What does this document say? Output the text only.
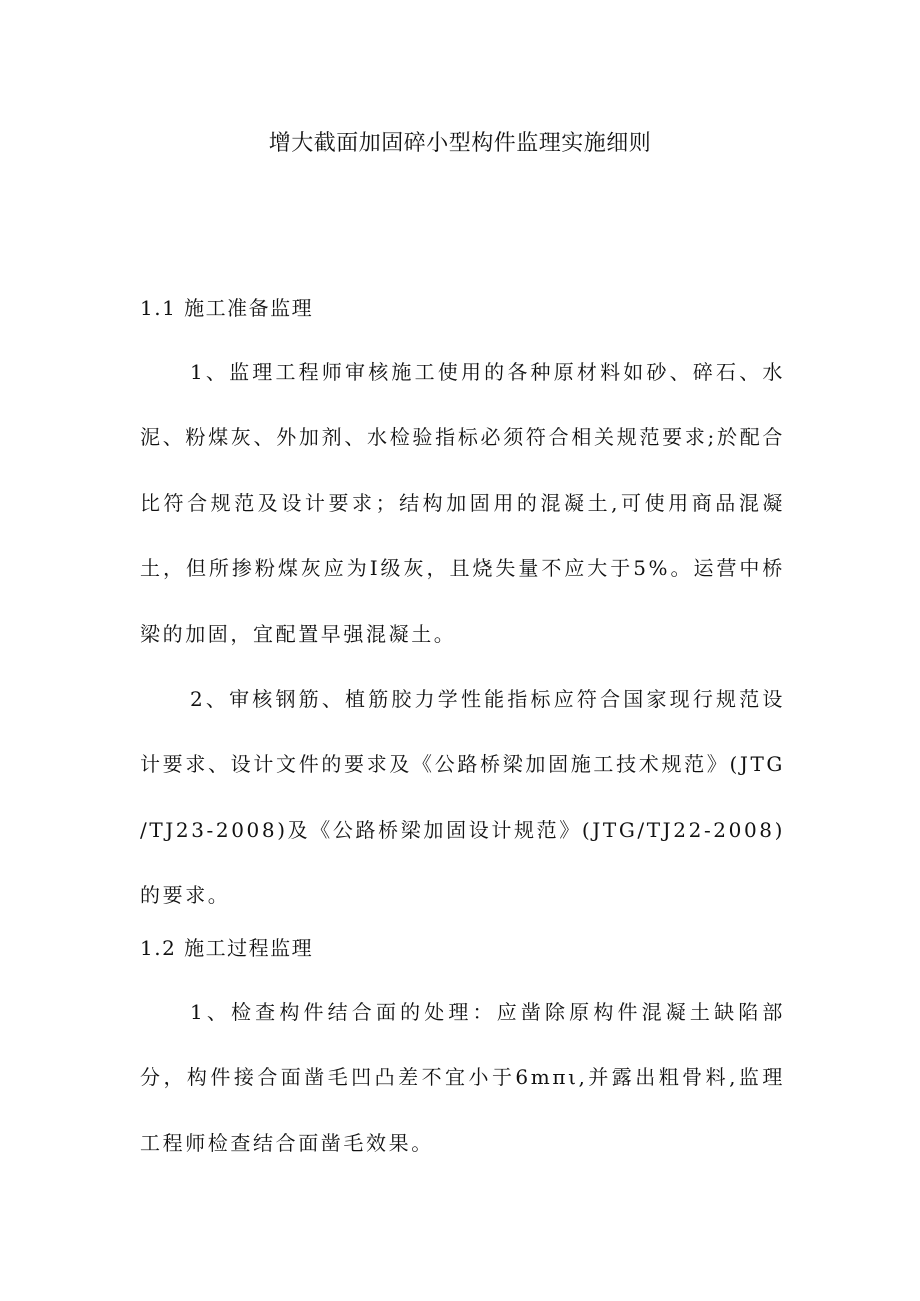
增大截面加固碎小型构件监理实施细则
1.1 施工准备监理
1、监理工程师审核施工使用的各种原材料如砂、碎石、水泥、粉煤灰、外加剂、水检验指标必须符合相关规范要求;於配合比符合规范及设计要求；结构加固用的混凝土,可使用商品混凝土，但所掺粉煤灰应为I级灰，且烧失量不应大于5%。运营中桥梁的加固，宜配置早强混凝土。
2、审核钢筋、植筋胶力学性能指标应符合国家现行规范设计要求、设计文件的要求及《公路桥梁加固施工技术规范》(JTG∕TJ23-2008)及《公路桥梁加固设计规范》(JTG/TJ22-2008)的要求。
1.2 施工过程监理
1、检查构件结合面的处理：应凿除原构件混凝土缺陷部分，构件接合面凿毛凹凸差不宜小于6mπι,并露出粗骨料,监理工程师检查结合面凿毛效果。
